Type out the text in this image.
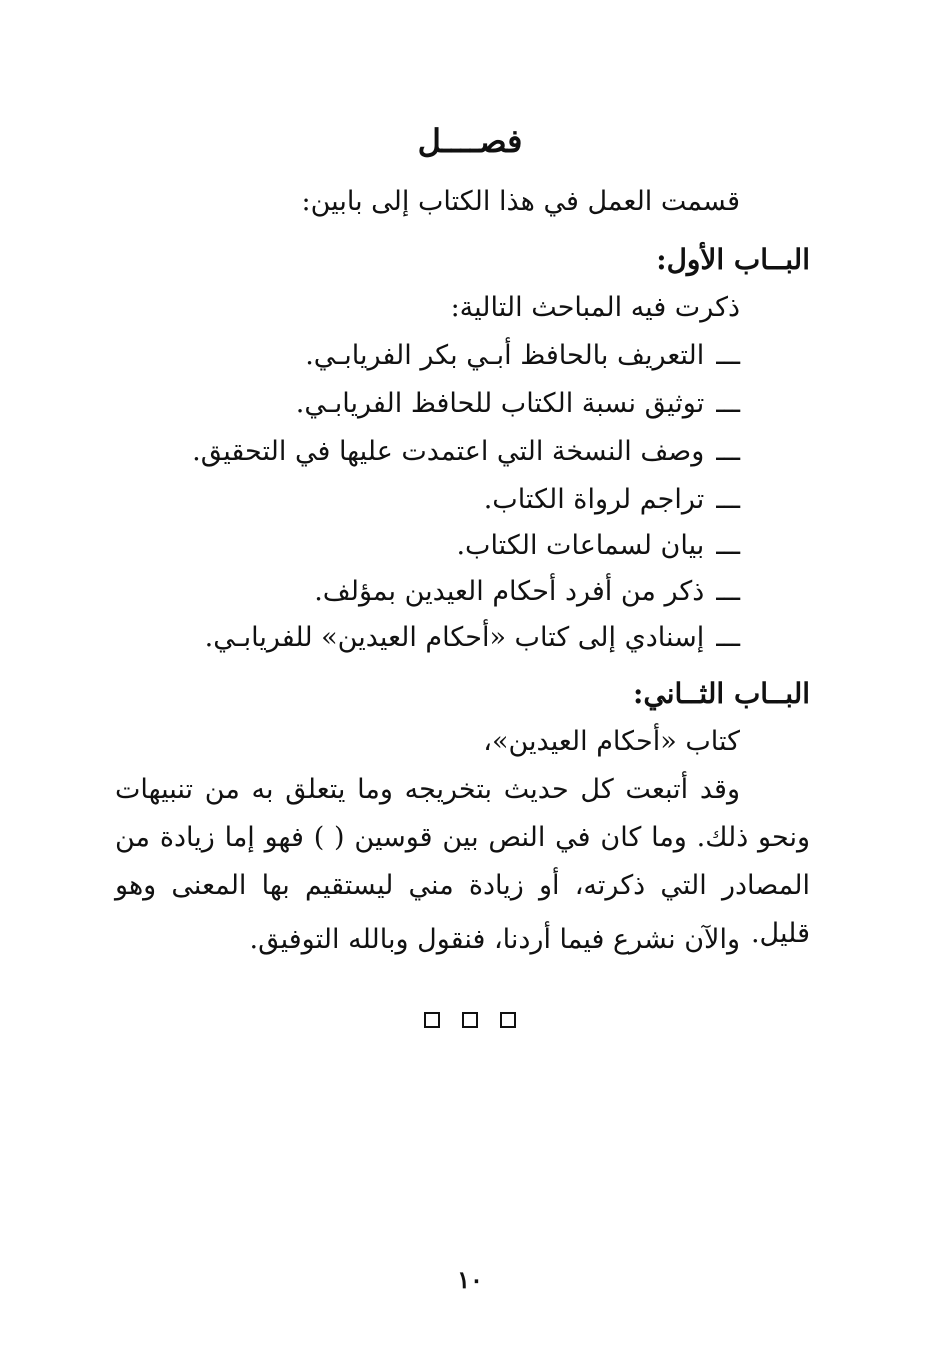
فصــــل
قسمت العمل في هذا الكتاب إلى بابين:
البــاب الأول:
ذكرت فيه المباحث التالية:
ـــالتعريف بالحافظ أبـي بكر الفريابـي.
ـــتوثيق نسبة الكتاب للحافظ الفريابـي.
ـــوصف النسخة التي اعتمدت عليها في التحقيق.
ـــتراجم لرواة الكتاب.
ـــبيان لسماعات الكتاب.
ـــذكر من أفرد أحكام العيدين بمؤلف.
ـــإسنادي إلى كتاب «أحكام العيدين» للفريابـي.
البــاب الثــاني:
كتاب «أحكام العيدين»،
وقد أتبعت كل حديث بتخريجه وما يتعلق به من تنبيهات ونحو ذلك. وما كان في النص بين قوسين ( ) فهو إما زيادة من المصادر التي ذكرته، أو زيادة مني ليستقيم بها المعنى وهو قليل.
والآن نشرع فيما أردنا، فنقول وبالله التوفيق.
١٠
